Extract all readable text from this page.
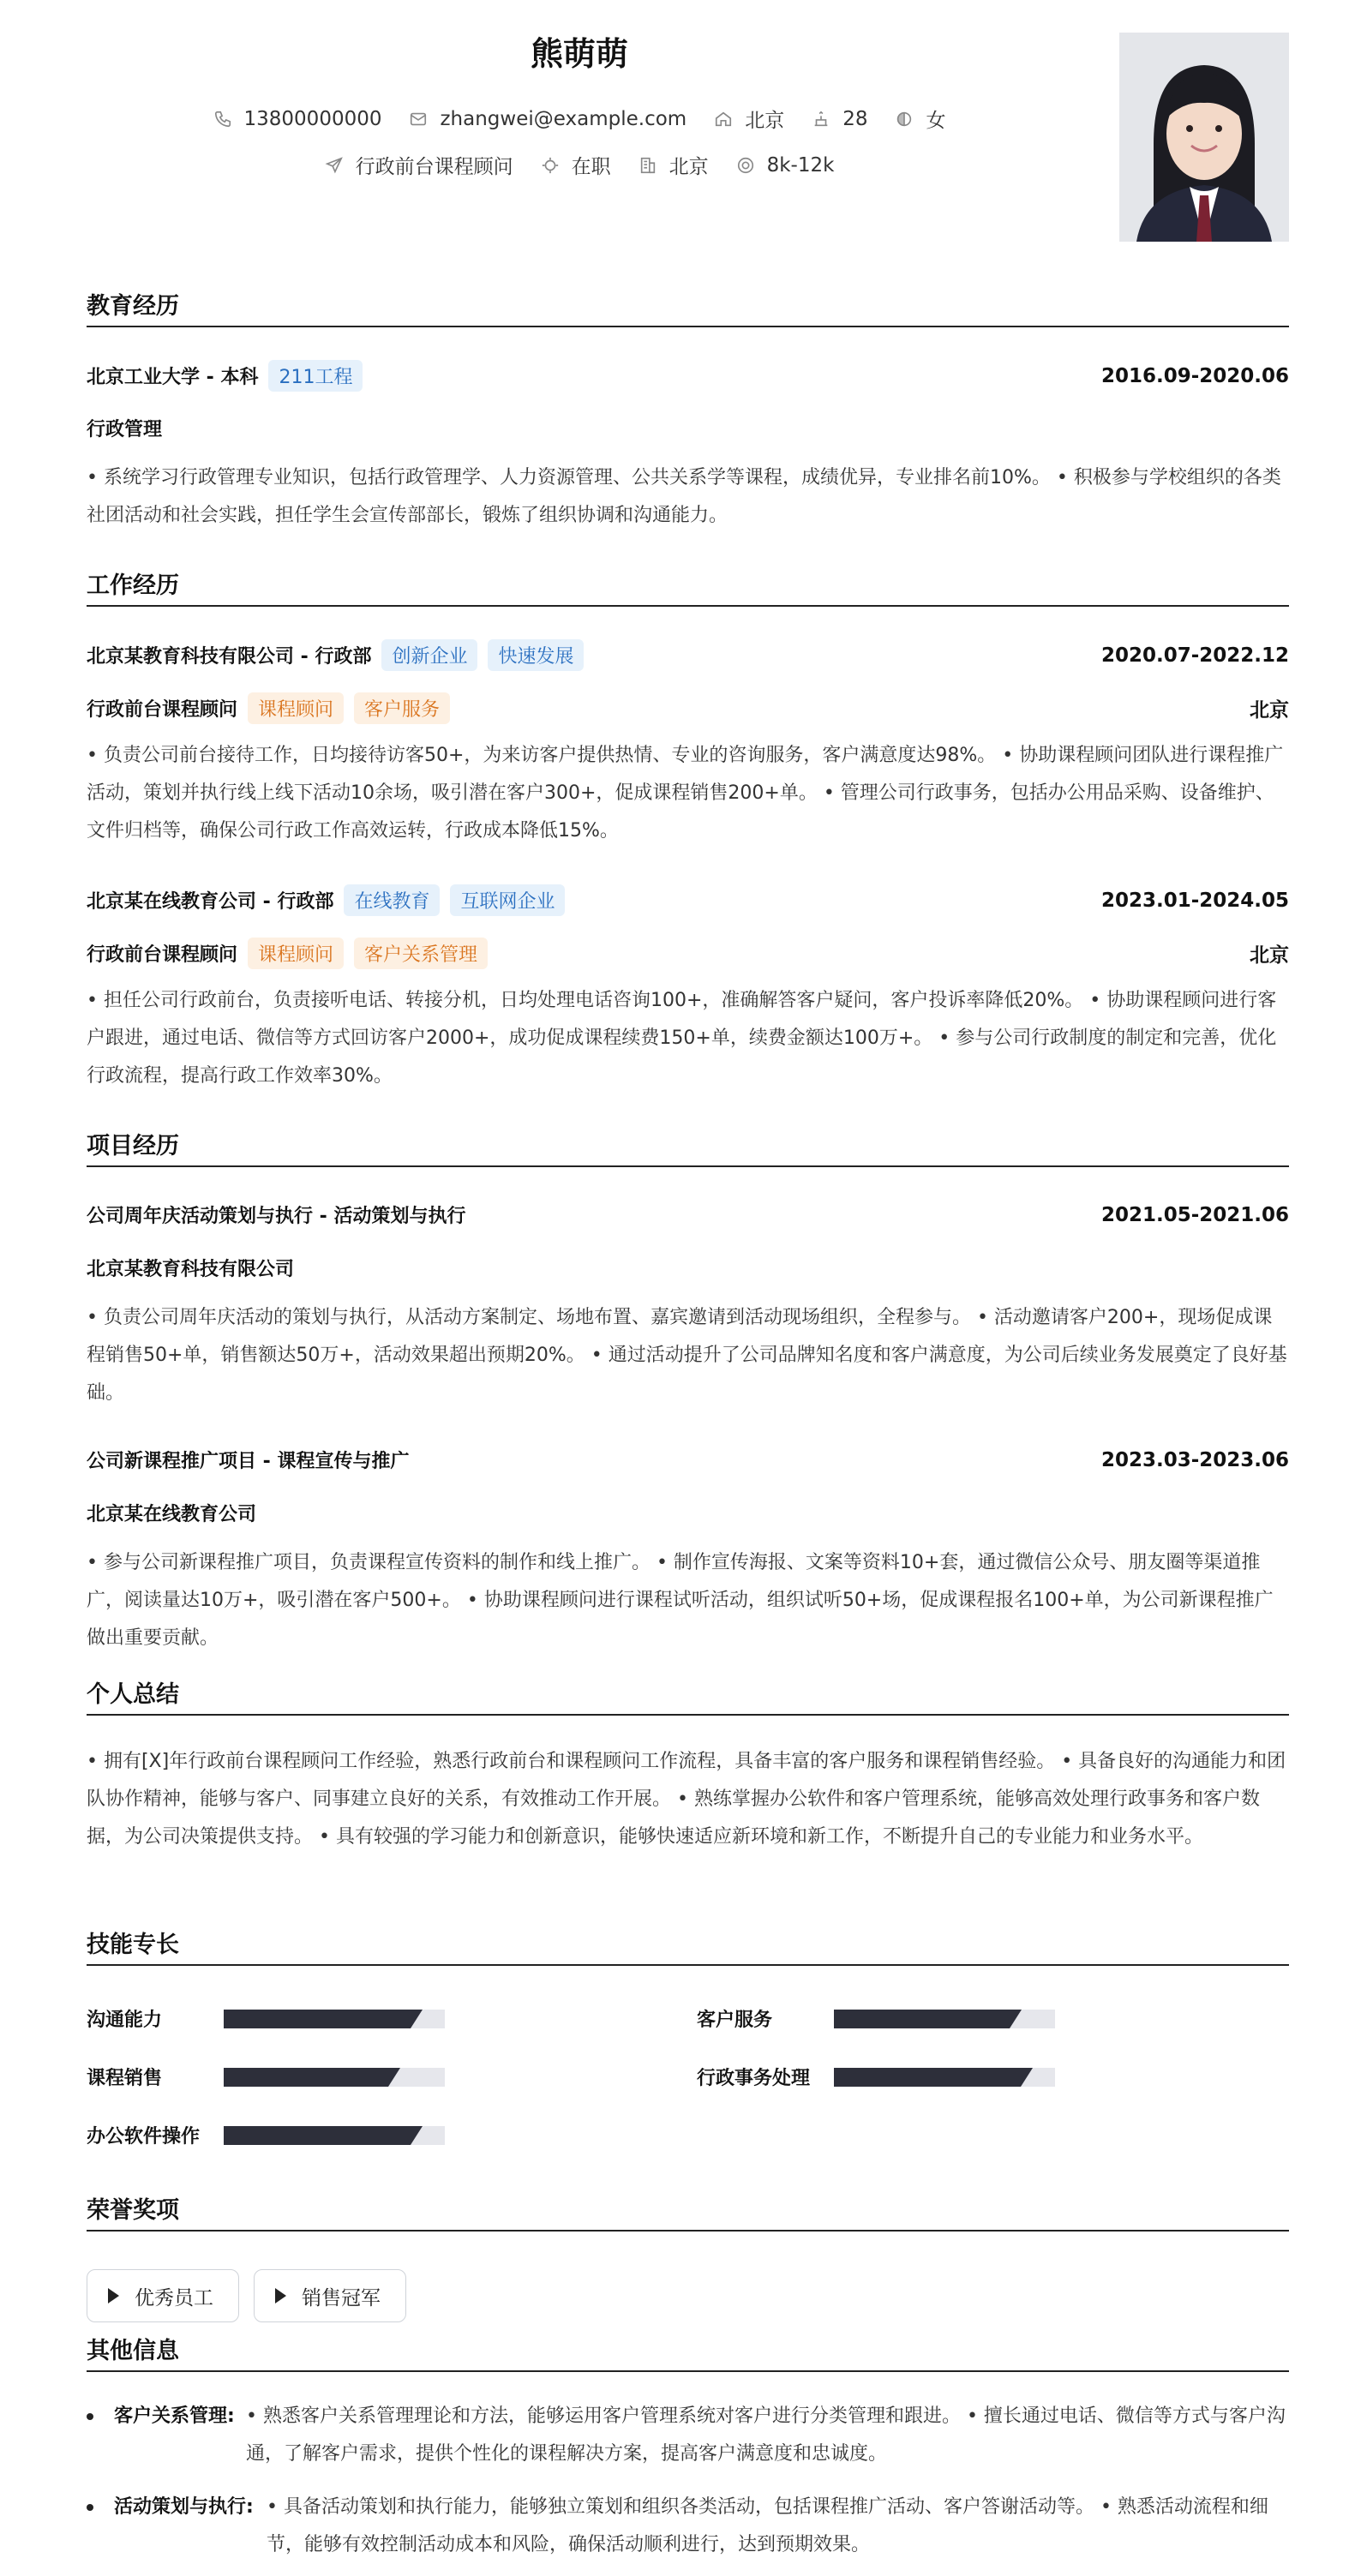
熊萌萌
13800000000	zhangwei@example.com	北京	28	女
行政前台课程顾问	在职	北京	8k-12k
教育经历
北京工业大学 - 本科	211工程	2016.09-2020.06
行政管理
• 系统学习行政管理专业知识，包括行政管理学、人力资源管理、公共关系学等课程，成绩优异，专业排名前10%。 • 积极参与学校组织的各类社团活动和社会实践，担任学生会宣传部部长，锻炼了组织协调和沟通能力。
工作经历
北京某教育科技有限公司 - 行政部	创新企业	快速发展	2020.07-2022.12
行政前台课程顾问	课程顾问	客户服务	北京
• 负责公司前台接待工作，日均接待访客50+，为来访客户提供热情、专业的咨询服务，客户满意度达98%。 • 协助课程顾问团队进行课程推广活动，策划并执行线上线下活动10余场，吸引潜在客户300+，促成课程销售200+单。 • 管理公司行政事务，包括办公用品采购、设备维护、文件归档等，确保公司行政工作高效运转，行政成本降低15%。
北京某在线教育公司 - 行政部	在线教育	互联网企业	2023.01-2024.05
行政前台课程顾问	课程顾问	客户关系管理	北京
• 担任公司行政前台，负责接听电话、转接分机，日均处理电话咨询100+，准确解答客户疑问，客户投诉率降低20%。 • 协助课程顾问进行客户跟进，通过电话、微信等方式回访客户2000+，成功促成课程续费150+单，续费金额达100万+。 • 参与公司行政制度的制定和完善，优化行政流程，提高行政工作效率30%。
项目经历
公司周年庆活动策划与执行 - 活动策划与执行	2021.05-2021.06
北京某教育科技有限公司
• 负责公司周年庆活动的策划与执行，从活动方案制定、场地布置、嘉宾邀请到活动现场组织，全程参与。 • 活动邀请客户200+，现场促成课程销售50+单，销售额达50万+，活动效果超出预期20%。 • 通过活动提升了公司品牌知名度和客户满意度，为公司后续业务发展奠定了良好基础。
公司新课程推广项目 - 课程宣传与推广	2023.03-2023.06
北京某在线教育公司
• 参与公司新课程推广项目，负责课程宣传资料的制作和线上推广。 • 制作宣传海报、文案等资料10+套，通过微信公众号、朋友圈等渠道推广，阅读量达10万+，吸引潜在客户500+。 • 协助课程顾问进行课程试听活动，组织试听50+场，促成课程报名100+单，为公司新课程推广做出重要贡献。
个人总结
• 拥有[X]年行政前台课程顾问工作经验，熟悉行政前台和课程顾问工作流程，具备丰富的客户服务和课程销售经验。 • 具备良好的沟通能力和团队协作精神，能够与客户、同事建立良好的关系，有效推动工作开展。 • 熟练掌握办公软件和客户管理系统，能够高效处理行政事务和客户数据，为公司决策提供支持。 • 具有较强的学习能力和创新意识，能够快速适应新环境和新工作，不断提升自己的专业能力和业务水平。
技能专长
沟通能力	客户服务
课程销售	行政事务处理
办公软件操作
荣誉奖项
优秀员工	销售冠军
其他信息
客户关系管理: • 熟悉客户关系管理理论和方法，能够运用客户管理系统对客户进行分类管理和跟进。 • 擅长通过电话、微信等方式与客户沟通，了解客户需求，提供个性化的课程解决方案，提高客户满意度和忠诚度。
活动策划与执行: • 具备活动策划和执行能力，能够独立策划和组织各类活动，包括课程推广活动、客户答谢活动等。 • 熟悉活动流程和细节，能够有效控制活动成本和风险，确保活动顺利进行，达到预期效果。
